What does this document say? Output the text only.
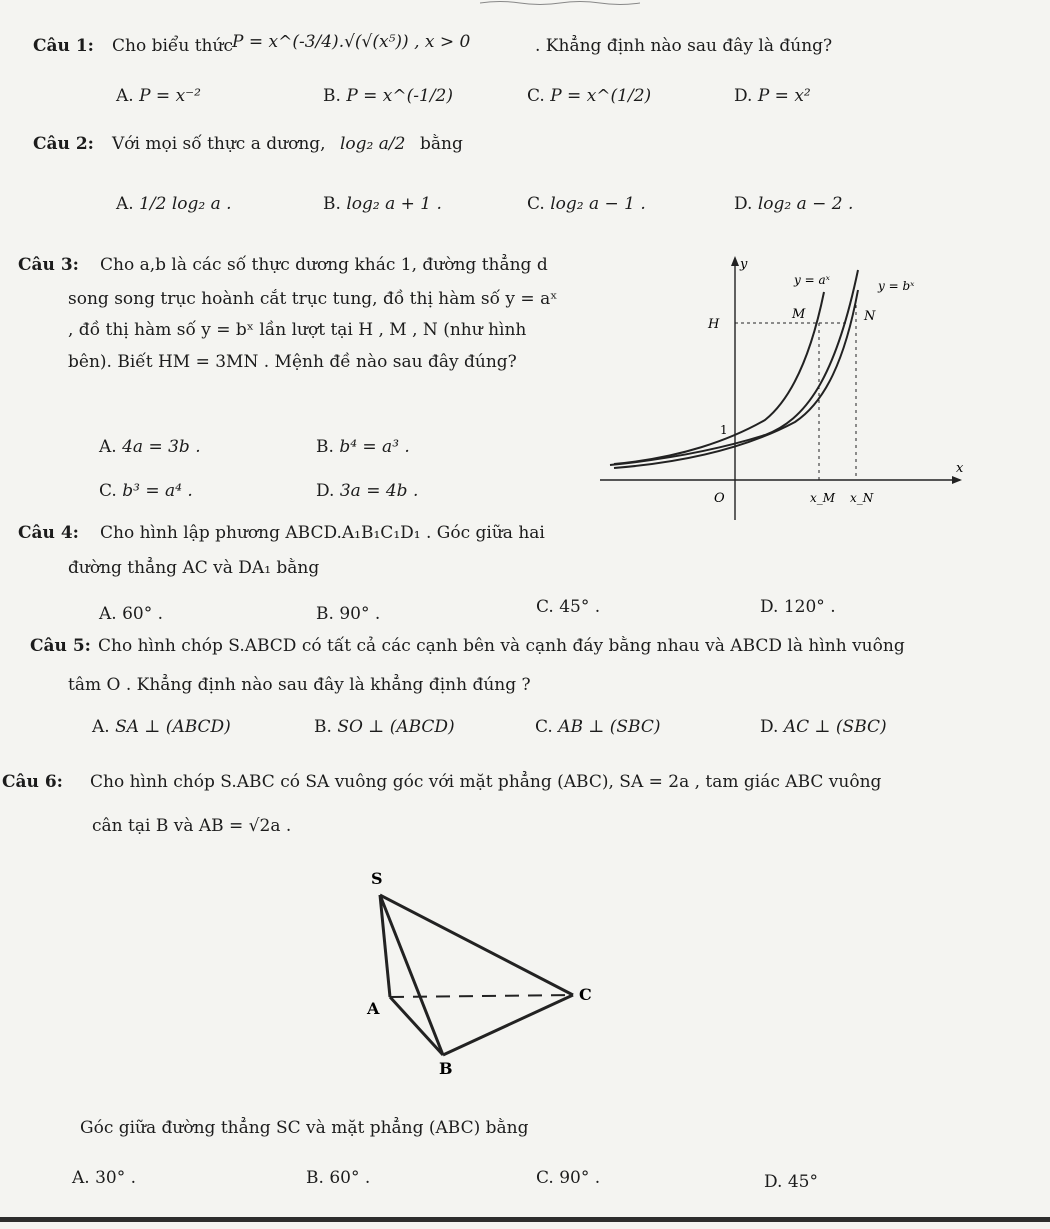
Câu 1: Cho biểu thức P = x^(-3/4).√(√(x⁵)) , x > 0	. Khẳng định nào sau đây là đúng?
A. P = x⁻²	B. P = x^(-1/2)	C. P = x^(1/2)	D. P = x²
Câu 2: Với mọi số thực a dương, log₂ a/2 bằng
A. 1/2 log₂ a .	B. log₂ a + 1 .	C. log₂ a − 1 .	D. log₂ a − 2 .
Câu 3: Cho a,b là các số thực dương khác 1, đường thẳng d
song song trục hoành cắt trục tung, đồ thị hàm số y = aˣ
, đồ thị hàm số y = bˣ lần lượt tại H , M , N (như hình
bên). Biết HM = 3MN . Mệnh đề nào sau đây đúng?
A. 4a = 3b .	B. b⁴ = a³ .
C. b³ = a⁴ .	D. 3a = 4b .
y
x
O
1
y = aˣ	y = bˣ
H
M	N
x_M x_N
Câu 4: Cho hình lập phương ABCD.A₁B₁C₁D₁ . Góc giữa hai
đường thẳng AC và DA₁ bằng
A. 60° .	B. 90° .	C. 45° .	D. 120° .
Câu 5: Cho hình chóp S.ABCD có tất cả các cạnh bên và cạnh đáy bằng nhau và ABCD là hình vuông
tâm O . Khẳng định nào sau đây là khẳng định đúng ?
A. SA ⊥ (ABCD)	B. SO ⊥ (ABCD)	C. AB ⊥ (SBC)	D. AC ⊥ (SBC)
Câu 6: Cho hình chóp S.ABC có SA vuông góc với mặt phẳng (ABC), SA = 2a , tam giác ABC vuông
cân tại B và AB = √2a .
S
A
B
C
Góc giữa đường thẳng SC và mặt phẳng (ABC) bằng
A. 30° .	B. 60° .	C. 90° .	D. 45°
